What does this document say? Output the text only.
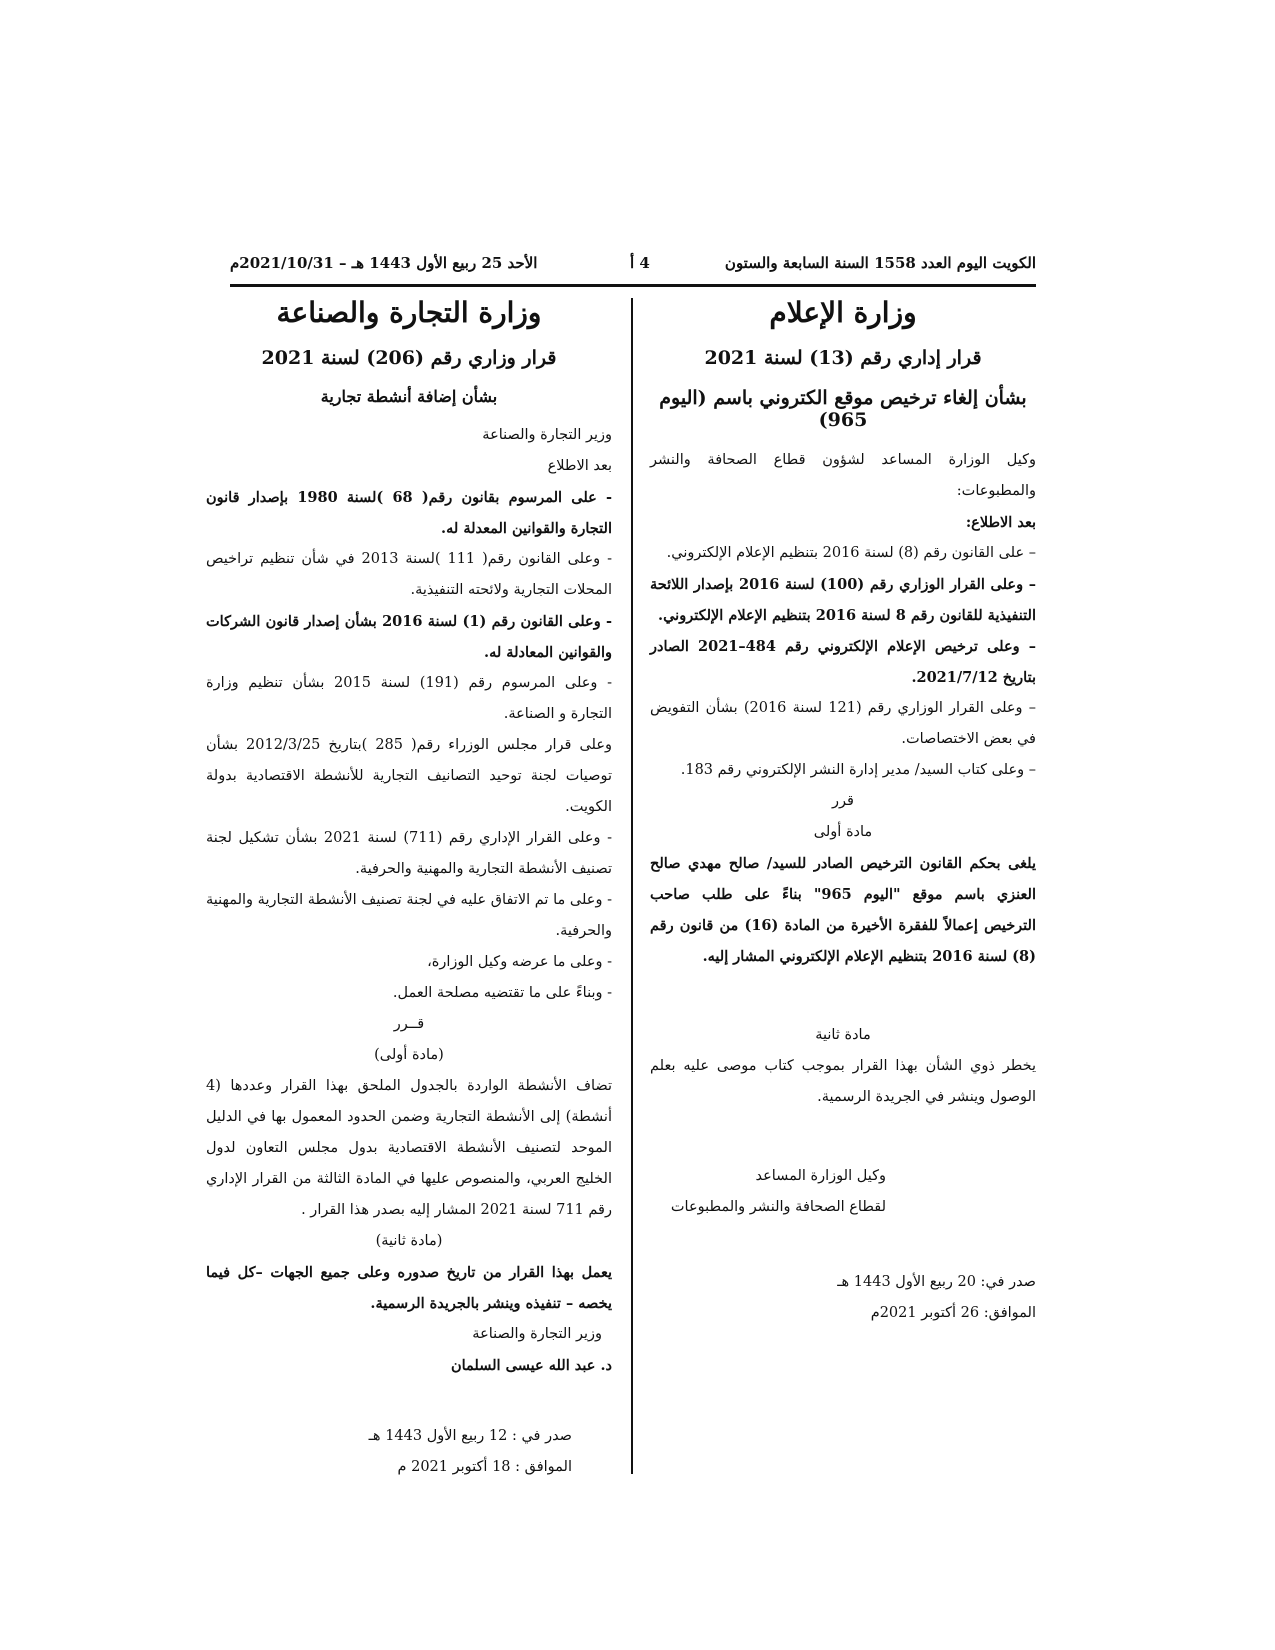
الكويت اليوم العدد 1558 السنة السابعة والستون
4 أ
الأحد 25 ربيع الأول 1443 هـ – 2021/10/31م
وزارة الإعلام
قرار إداري رقم (13) لسنة 2021
بشأن إلغاء ترخيص موقع الكتروني باسم (اليوم 965)

وكيل الوزارة المساعد لشؤون قطاع الصحافة والنشر والمطبوعات:

بعد الاطلاع:

– على القانون رقم (8) لسنة 2016 بتنظيم الإعلام الإلكتروني.

– وعلى القرار الوزاري رقم (100) لسنة 2016 بإصدار اللائحة التنفيذية للقانون رقم 8 لسنة 2016 بتنظيم الإعلام الإلكتروني.

– وعلى ترخيص الإعلام الإلكتروني رقم 484–2021 الصادر بتاريخ 2021/7/12.

– وعلى القرار الوزاري رقم (121 لسنة 2016) بشأن التفويض في بعض الاختصاصات.

– وعلى كتاب السيد/ مدير إدارة النشر الإلكتروني رقم 183.

قرر

مادة أولى

يلغى بحكم القانون الترخيص الصادر للسيد/ صالح مهدي صالح العنزي باسم موقع "اليوم 965" بناءً على طلب صاحب الترخيص إعمالاً للفقرة الأخيرة من المادة (16) من قانون رقم (8) لسنة 2016 بتنظيم الإعلام الإلكتروني المشار إليه.

مادة ثانية

يخطر ذوي الشأن بهذا القرار بموجب كتاب موصى عليه بعلم الوصول وينشر في الجريدة الرسمية.

وكيل الوزارة المساعد

لقطاع الصحافة والنشر والمطبوعات

صدر في: 20 ربيع الأول 1443 هـ

الموافق: 26 أكتوبر 2021م

وزارة التجارة والصناعة
قرار وزاري رقم (206) لسنة 2021
بشأن إضافة أنشطة تجارية

وزير التجارة والصناعة

بعد الاطلاع

- على المرسوم بقانون رقم( 68 )لسنة 1980 بإصدار قانون التجارة والقوانين المعدلة له.

- وعلى القانون رقم( 111 )لسنة 2013 في شأن تنظيم تراخيص المحلات التجارية ولائحته التنفيذية.

- وعلى القانون رقم (1) لسنة 2016 بشأن إصدار قانون الشركات والقوانين المعادلة له.

- وعلى المرسوم رقم (191) لسنة 2015 بشأن تنظيم وزارة التجارة و الصناعة.

وعلى قرار مجلس الوزراء رقم( 285 )بتاريخ 2012/3/25 بشأن توصيات لجنة توحيد التصانيف التجارية للأنشطة الاقتصادية بدولة الكويت.

- وعلى القرار الإداري رقم (711) لسنة 2021 بشأن تشكيل لجنة تصنيف الأنشطة التجارية والمهنية والحرفية.

- وعلى ما تم الاتفاق عليه في لجنة تصنيف الأنشطة التجارية والمهنية والحرفية.

- وعلى ما عرضه وكيل الوزارة،

- وبناءً على ما تقتضيه مصلحة العمل.

قــرر

(مادة أولى)

تضاف الأنشطة الواردة بالجدول الملحق بهذا القرار وعددها (4 أنشطة) إلى الأنشطة التجارية وضمن الحدود المعمول بها في الدليل الموحد لتصنيف الأنشطة الاقتصادية بدول مجلس التعاون لدول الخليج العربي، والمنصوص عليها في المادة الثالثة من القرار الإداري رقم 711 لسنة 2021 المشار إليه بصدر هذا القرار .

(مادة ثانية)

يعمل بهذا القرار من تاريخ صدوره وعلى جميع الجهات –كل فيما يخصه – تنفيذه وينشر بالجريدة الرسمية.

وزير التجارة والصناعة

د. عبد الله عيسى السلمان

صدر في : 12 ربيع الأول 1443 هـ

الموافق : 18 أكتوبر 2021 م
